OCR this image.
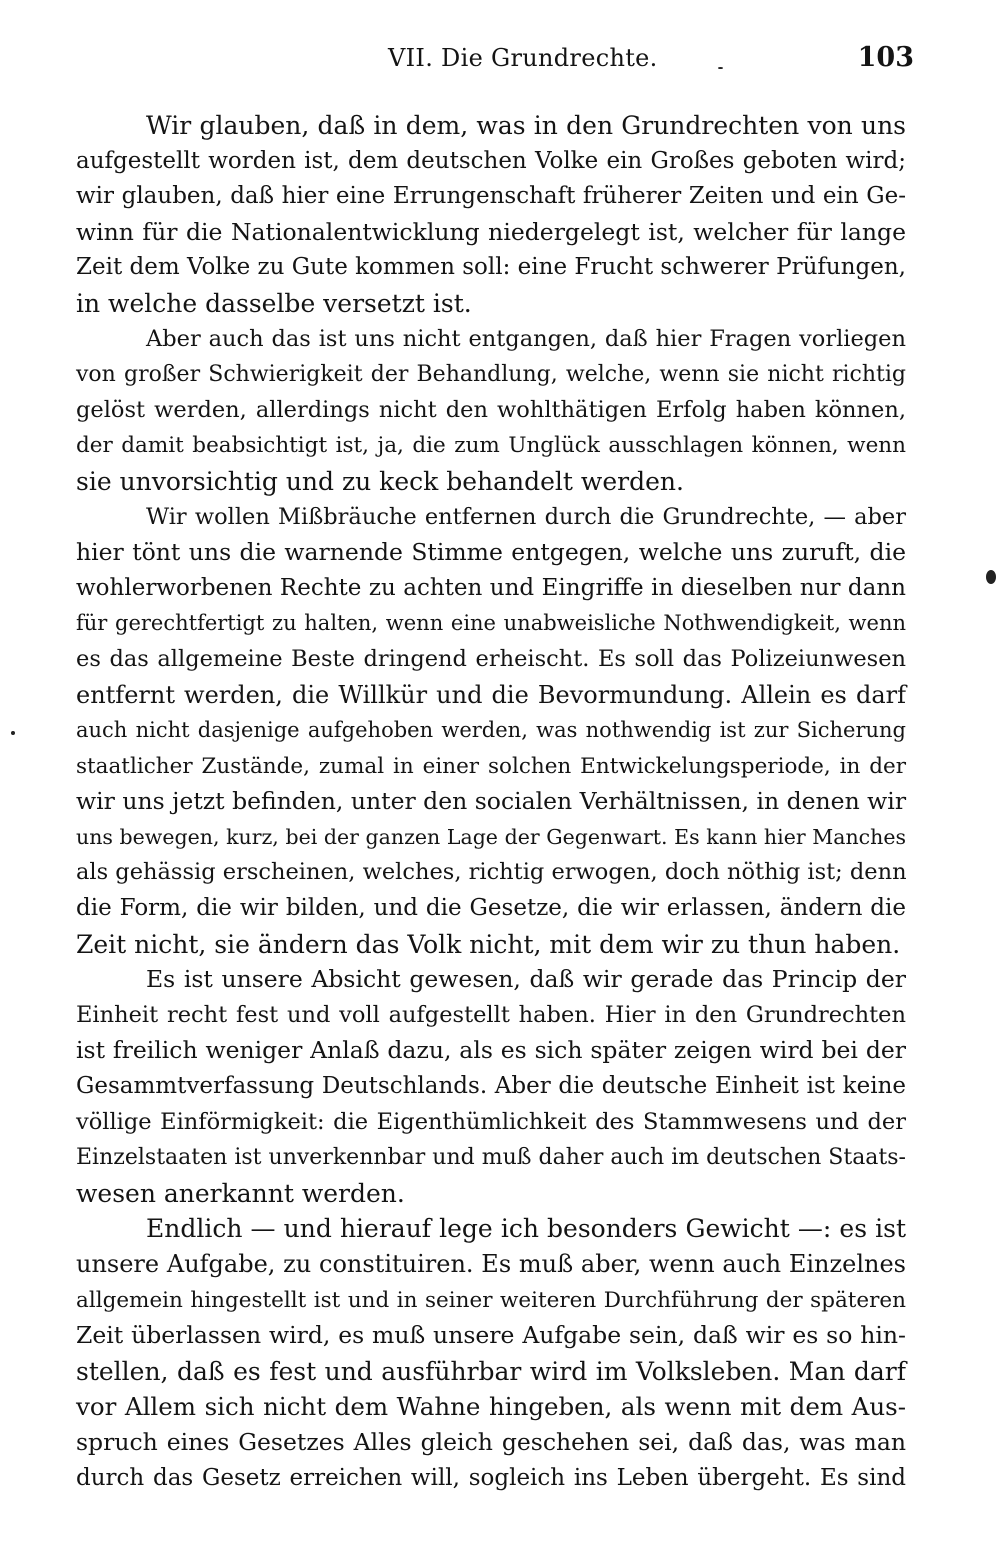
VII. Die Grundrechte.	103
Wir glauben, daß in dem, was in den Grundrechten von uns
aufgestellt worden ist, dem deutschen Volke ein Großes geboten wird;
wir glauben, daß hier eine Errungenschaft früherer Zeiten und ein Ge-
winn für die Nationalentwicklung niedergelegt ist, welcher für lange
Zeit dem Volke zu Gute kommen soll: eine Frucht schwerer Prüfungen,
in welche dasselbe versetzt ist.
Aber auch das ist uns nicht entgangen, daß hier Fragen vorliegen
von großer Schwierigkeit der Behandlung, welche, wenn sie nicht richtig
gelöst werden, allerdings nicht den wohlthätigen Erfolg haben können,
der damit beabsichtigt ist, ja, die zum Unglück ausschlagen können, wenn
sie unvorsichtig und zu keck behandelt werden.
Wir wollen Mißbräuche entfernen durch die Grundrechte, — aber
hier tönt uns die warnende Stimme entgegen, welche uns zuruft, die
wohlerworbenen Rechte zu achten und Eingriffe in dieselben nur dann
für gerechtfertigt zu halten, wenn eine unabweisliche Nothwendigkeit, wenn
es das allgemeine Beste dringend erheischt. Es soll das Polizeiunwesen
entfernt werden, die Willkür und die Bevormundung. Allein es darf
auch nicht dasjenige aufgehoben werden, was nothwendig ist zur Sicherung
staatlicher Zustände, zumal in einer solchen Entwickelungsperiode, in der
wir uns jetzt befinden, unter den socialen Verhältnissen, in denen wir
uns bewegen, kurz, bei der ganzen Lage der Gegenwart. Es kann hier Manches
als gehässig erscheinen, welches, richtig erwogen, doch nöthig ist; denn
die Form, die wir bilden, und die Gesetze, die wir erlassen, ändern die
Zeit nicht, sie ändern das Volk nicht, mit dem wir zu thun haben.
Es ist unsere Absicht gewesen, daß wir gerade das Princip der
Einheit recht fest und voll aufgestellt haben. Hier in den Grundrechten
ist freilich weniger Anlaß dazu, als es sich später zeigen wird bei der
Gesammtverfassung Deutschlands. Aber die deutsche Einheit ist keine
völlige Einförmigkeit: die Eigenthümlichkeit des Stammwesens und der
Einzelstaaten ist unverkennbar und muß daher auch im deutschen Staats-
wesen anerkannt werden.
Endlich — und hierauf lege ich besonders Gewicht —: es ist
unsere Aufgabe, zu constituiren. Es muß aber, wenn auch Einzelnes
allgemein hingestellt ist und in seiner weiteren Durchführung der späteren
Zeit überlassen wird, es muß unsere Aufgabe sein, daß wir es so hin-
stellen, daß es fest und ausführbar wird im Volksleben. Man darf
vor Allem sich nicht dem Wahne hingeben, als wenn mit dem Aus-
spruch eines Gesetzes Alles gleich geschehen sei, daß das, was man
durch das Gesetz erreichen will, sogleich ins Leben übergeht. Es sind
